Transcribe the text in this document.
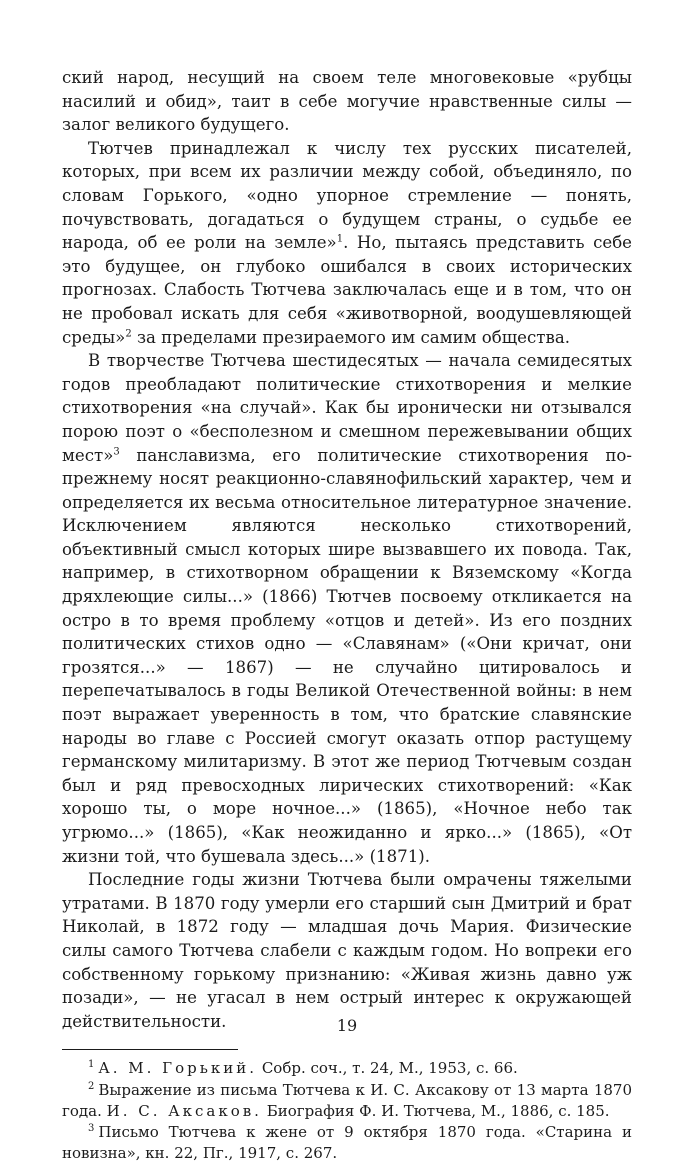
ский народ, несущий на своем теле многовековые «рубцы насилий и обид», таит в себе могучие нравственные силы — залог великого будущего.

Тютчев принадлежал к числу тех русских писателей, которых, при всем их различии между собой, объединяло, по словам Горького, «одно упорное стремление — понять, почувствовать, догадаться о будущем страны, о судьбе ее народа, об ее роли на земле»$^1$. Но, пытаясь представить себе это будущее, он глубоко ошибался в своих исторических прогнозах. Слабость Тютчева заключалась еще и в том, что он не пробовал искать для себя «животворной, воодушевляющей среды»$^2$ за пределами презираемого им самим общества.

В творчестве Тютчева шестидесятых — начала семидесятых годов преобладают политические стихотворения и мелкие стихотворения «на случай». Как бы иронически ни отзывался порою поэт о «бесполезном и смешном пережевывании общих мест»$^3$ панславизма, его политические стихотворения по-прежнему носят реакционно-славянофильский характер, чем и определяется их весьма относительное литературное значение. Исключением являются несколько стихотворений, объективный смысл которых шире вызвавшего их повода. Так, например, в стихотворном обращении к Вяземскому «Когда дряхлеющие силы...» (1866) Тютчев посвоему откликается на остро в то время проблему «отцов и детей». Из его поздних политических стихов одно — «Славянам» («Они кричат, они грозятся...» — 1867) — не случайно цитировалось и перепечатывалось в годы Великой Отечественной войны: в нем поэт выражает уверенность в том, что братские славянские народы во главе с Россией смогут оказать отпор растущему германскому милитаризму. В этот же период Тютчевым создан был и ряд превосходных лирических стихотворений: «Как хорошо ты, о море ночное...» (1865), «Ночное небо так угрюмо...» (1865), «Как неожиданно и ярко...» (1865), «От жизни той, что бушевала здесь...» (1871).

Последние годы жизни Тютчева были омрачены тяжелыми утратами. В 1870 году умерли его старший сын Дмитрий и брат Николай, в 1872 году — младшая дочь Мария. Физические силы самого Тютчева слабели с каждым годом. Но вопреки его собственному горькому признанию: «Живая жизнь давно уж позади», — не угасал в нем острый интерес к окружающей действительности.

$^1$ А. М. Горький. Собр. соч., т. 24, М., 1953, с. 66.

$^2$ Выражение из письма Тютчева к И. С. Аксакову от 13 марта 1870 года. И. С. Аксаков. Биография Ф. И. Тютчева, М., 1886, с. 185.

$^3$ Письмо Тютчева к жене от 9 октября 1870 года. «Старина и новизна», кн. 22, Пг., 1917, с. 267.

19
